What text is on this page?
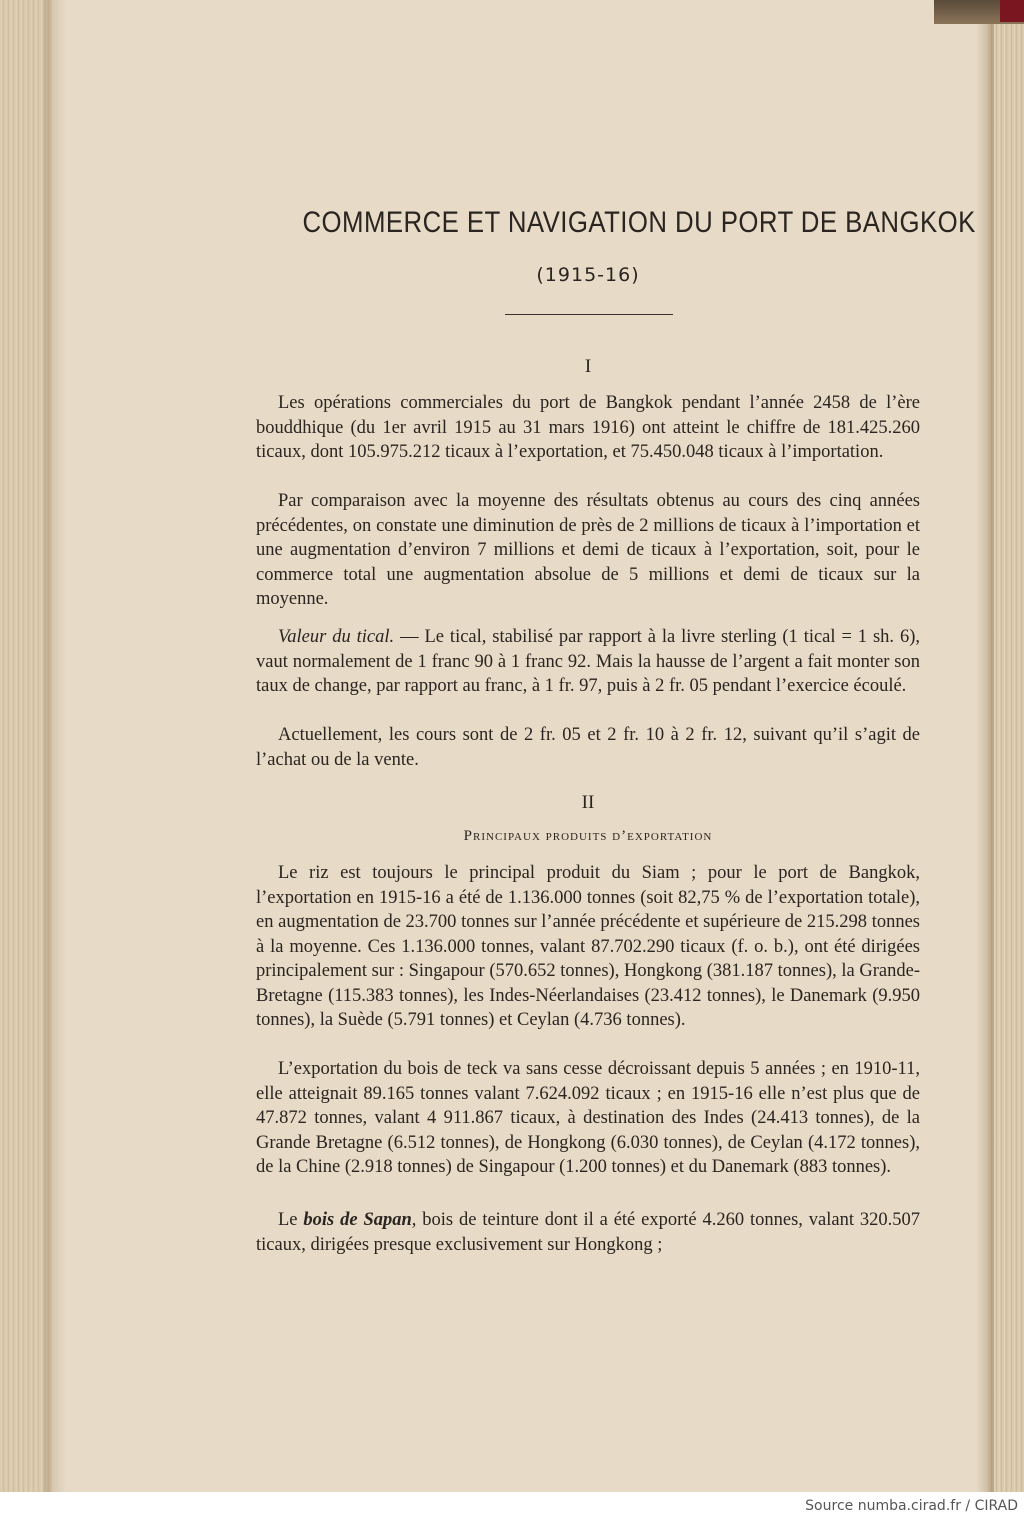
COMMERCE ET NAVIGATION DU PORT DE BANGKOK
(1915-16)
I
Les opérations commerciales du port de Bangkok pendant l’année 2458 de l’ère bouddhique (du 1er avril 1915 au 31 mars 1916) ont atteint le chiffre de 181.425.260 ticaux, dont 105.975.212 ticaux à l’exportation, et 75.450.048 ticaux à l’importation.
Par comparaison avec la moyenne des résultats obtenus au cours des cinq années précédentes, on constate une diminution de près de 2 millions de ticaux à l’importation et une augmentation d’environ 7 millions et demi de ticaux à l’exportation, soit, pour le commerce total une augmentation absolue de 5 millions et demi de ticaux sur la moyenne.
Valeur du tical. — Le tical, stabilisé par rapport à la livre sterling (1 tical = 1 sh. 6), vaut normalement de 1 franc 90 à 1 franc 92. Mais la hausse de l’argent a fait monter son taux de change, par rapport au franc, à 1 fr. 97, puis à 2 fr. 05 pendant l’exercice écoulé.
Actuellement, les cours sont de 2 fr. 05 et 2 fr. 10 à 2 fr. 12, suivant qu’il s’agit de l’achat ou de la vente.
II
Principaux produits d’exportation
Le riz est toujours le principal produit du Siam ; pour le port de Bangkok, l’exportation en 1915-16 a été de 1.136.000 tonnes (soit 82,75 % de l’exportation totale), en augmentation de 23.700 tonnes sur l’année précédente et supérieure de 215.298 tonnes à la moyenne. Ces 1.136.000 tonnes, valant 87.702.290 ticaux (f. o. b.), ont été dirigées principalement sur : Singapour (570.652 tonnes), Hongkong (381.187 tonnes), la Grande-Bretagne (115.383 tonnes), les Indes-Néerlandaises (23.412 tonnes), le Danemark (9.950 tonnes), la Suède (5.791 tonnes) et Ceylan (4.736 tonnes).
L’exportation du bois de teck va sans cesse décroissant depuis 5 années ; en 1910-11, elle atteignait 89.165 tonnes valant 7.624.092 ticaux ; en 1915-16 elle n’est plus que de 47.872 tonnes, valant 4 911.867 ticaux, à destination des Indes (24.413 tonnes), de la Grande Bretagne (6.512 tonnes), de Hongkong (6.030 tonnes), de Ceylan (4.172 tonnes), de la Chine (2.918 tonnes) de Singapour (1.200 tonnes) et du Danemark (883 tonnes).
Le bois de Sapan, bois de teinture dont il a été exporté 4.260 tonnes, valant 320.507 ticaux, dirigées presque exclusivement sur Hongkong ;
Source numba.cirad.fr / CIRAD
